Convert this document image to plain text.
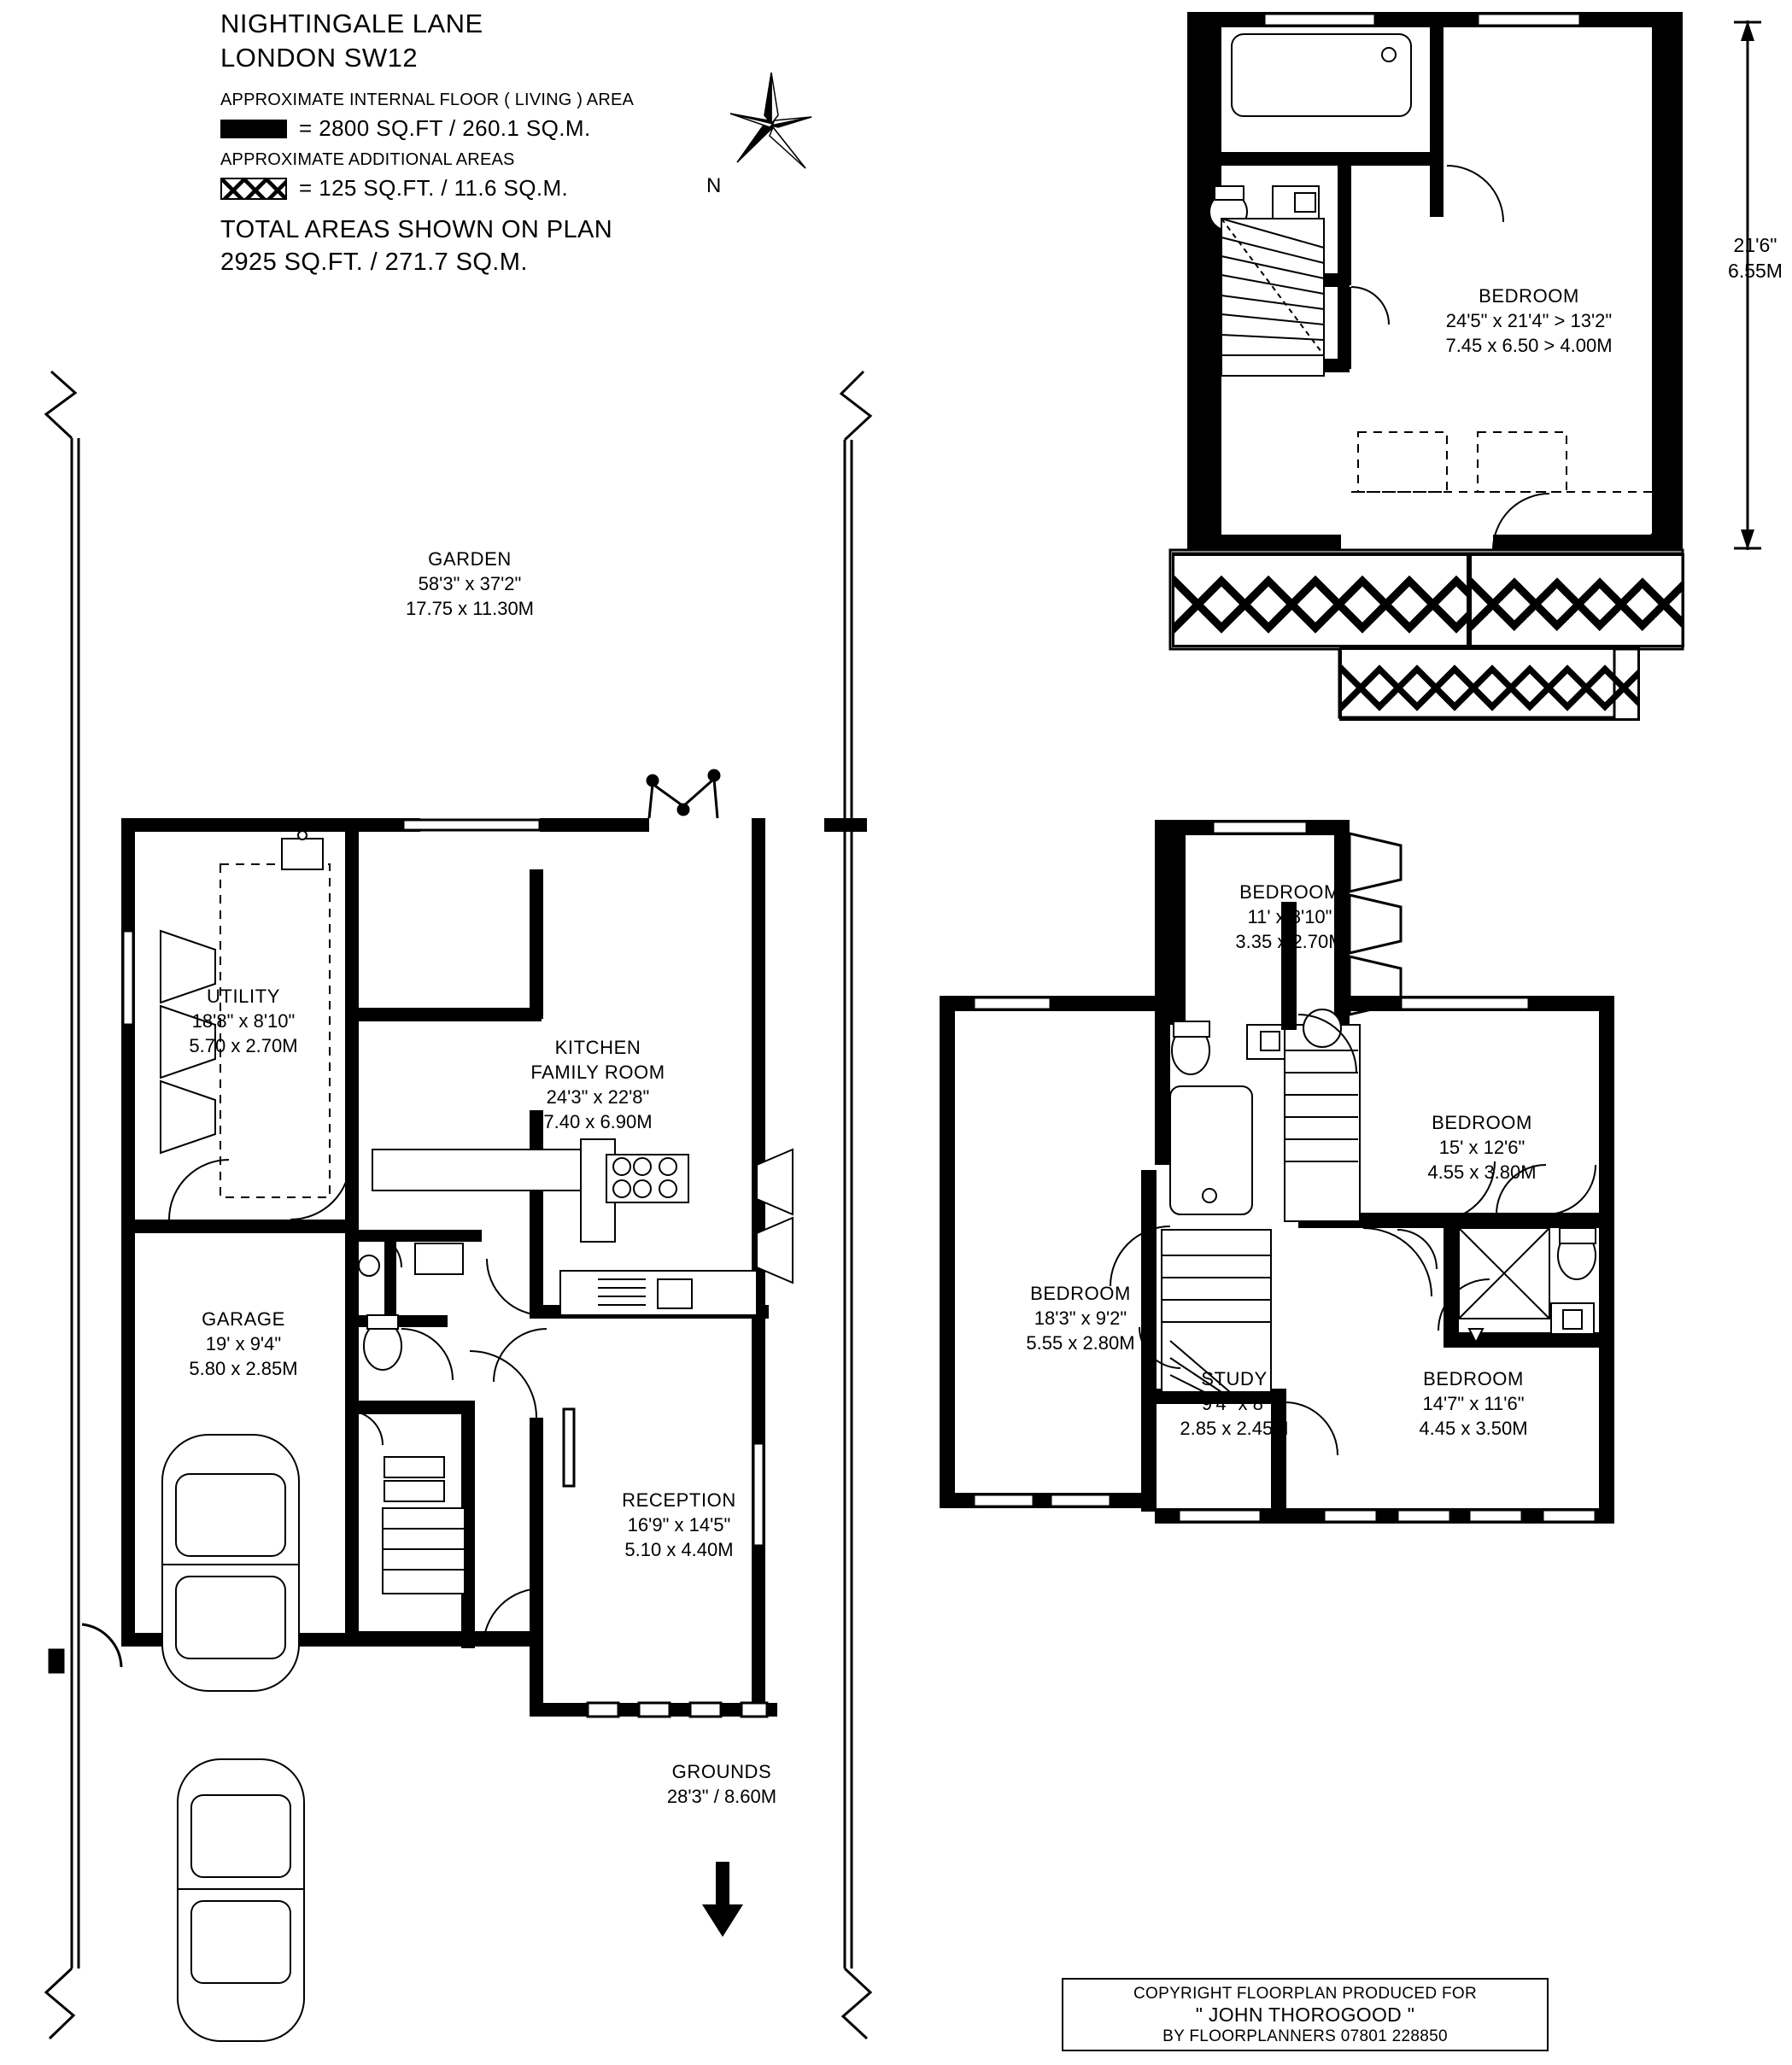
NIGHTINGALE LANE
LONDON SW12
APPROXIMATE INTERNAL FLOOR ( LIVING ) AREA
= 2800 SQ.FT / 260.1 SQ.M.
APPROXIMATE ADDITIONAL AREAS
= 125 SQ.FT. / 11.6 SQ.M.
TOTAL AREAS SHOWN ON PLAN
2925 SQ.FT. / 271.7 SQ.M.
N
GARDEN
58'3" x 37'2"
17.75 x 11.30M
UTILITY
18'8" x 8'10"
5.70 x 2.70M	KITCHEN
FAMILY ROOM
24'3" x 22'8"
7.40 x 6.90M
GARAGE
19' x 9'4"
5.80 x 2.85M
RECEPTION
16'9" x 14'5"
5.10 x 4.40M
GROUNDS
28'3" / 8.60M
BEDROOM
24'5" x 21'4" > 13'2"
7.45 x 6.50 > 4.00M
21'6"
6.55M
BEDROOM
11' x 8'10"
3.35 x 2.70M
BEDROOM
15' x 12'6"
4.55 x 3.80M
BEDROOM
18'3" x 9'2"
5.55 x 2.80M
STUDY
9'4" x 8'
2.85 x 2.45M
BEDROOM
14'7" x 11'6"
4.45 x 3.50M
COPYRIGHT FLOORPLAN PRODUCED FOR
" JOHN THOROGOOD "
BY FLOORPLANNERS 07801 228850
